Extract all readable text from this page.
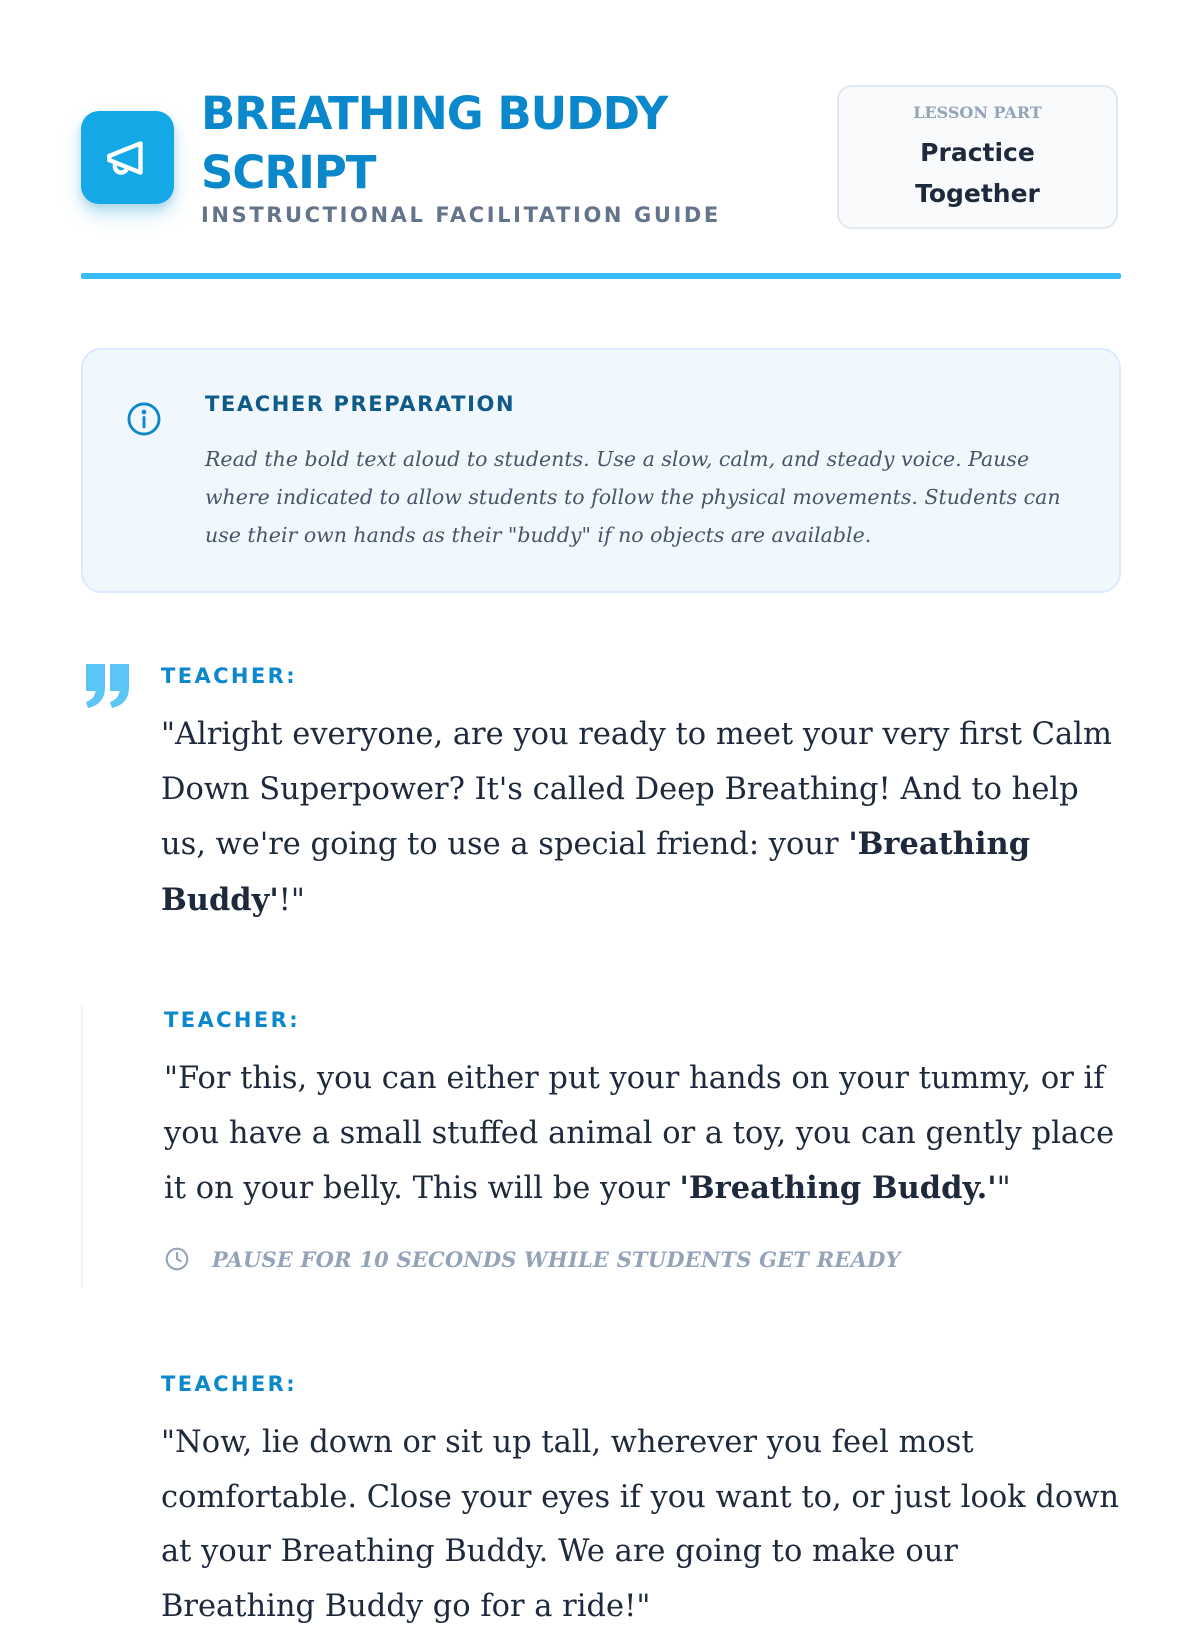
BREATHING BUDDY SCRIPT

INSTRUCTIONAL FACILITATION GUIDE

LESSON PART
Practice
Together
TEACHER PREPARATION

Read the bold text aloud to students. Use a slow, calm, and steady voice. Pause where indicated to allow students to follow the physical movements. Students can use their own hands as their "buddy" if no objects are available.

TEACHER:

"Alright everyone, are you ready to meet your very first Calm Down Superpower? It's called Deep Breathing! And to help us, we're going to use a special friend: your 'Breathing Buddy'!"

TEACHER:

"For this, you can either put your hands on your tummy, or if you have a small stuffed animal or a toy, you can gently place it on your belly. This will be your 'Breathing Buddy.'"

PAUSE FOR 10 SECONDS WHILE STUDENTS GET READY
TEACHER:

"Now, lie down or sit up tall, wherever you feel most comfortable. Close your eyes if you want to, or just look down at your Breathing Buddy. We are going to make our Breathing Buddy go for a ride!"
